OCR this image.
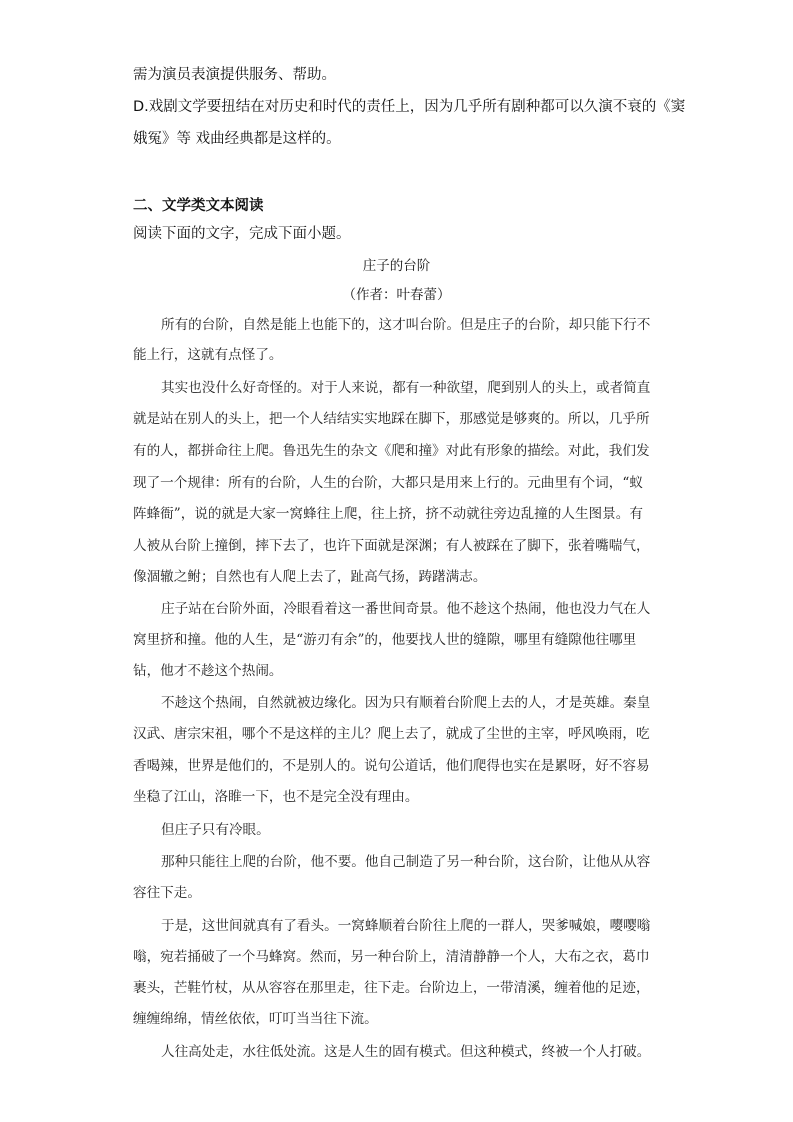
需为演员表演提供服务、帮助。
D.戏剧文学要扭结在对历史和时代的责任上，因为几乎所有剧种都可以久演不衰的《窦
娥冤》等 戏曲经典都是这样的。
二、文学类文本阅读
阅读下面的文字，完成下面小题。
庄子的台阶
（作者：叶春蕾）
所有的台阶，自然是能上也能下的，这才叫台阶。但是庄子的台阶，却只能下行不
能上行，这就有点怪了。
其实也没什么好奇怪的。对于人来说，都有一种欲望，爬到别人的头上，或者简直
就是站在别人的头上，把一个人结结实实地踩在脚下，那感觉是够爽的。所以，几乎所
有的人，都拼命往上爬。鲁迅先生的杂文《爬和撞》对此有形象的描绘。对此，我们发
现了一个规律：所有的台阶，人生的台阶，大都只是用来上行的。元曲里有个词，“蚁
阵蜂衙”，说的就是大家一窝蜂往上爬，往上挤，挤不动就往旁边乱撞的人生图景。有
人被从台阶上撞倒，摔下去了，也许下面就是深渊；有人被踩在了脚下，张着嘴喘气，
像涸辙之鲋；自然也有人爬上去了，趾高气扬，踌躇满志。
庄子站在台阶外面，冷眼看着这一番世间奇景。他不趁这个热闹，他也没力气在人
窝里挤和撞。他的人生，是“游刃有余”的，他要找人世的缝隙，哪里有缝隙他往哪里
钻，他才不趁这个热闹。
不趁这个热闹，自然就被边缘化。因为只有顺着台阶爬上去的人，才是英雄。秦皇
汉武、唐宗宋祖，哪个不是这样的主儿？爬上去了，就成了尘世的主宰，呼风唤雨，吃
香喝辣，世界是他们的，不是别人的。说句公道话，他们爬得也实在是累呀，好不容易
坐稳了江山，洛睢一下，也不是完全没有理由。
但庄子只有冷眼。
那种只能往上爬的台阶，他不要。他自己制造了另一种台阶，这台阶，让他从从容
容往下走。
于是，这世间就真有了看头。一窝蜂顺着台阶往上爬的一群人，哭爹喊娘，嘤嘤嗡
嗡，宛若捅破了一个马蜂窝。然而，另一种台阶上，清清静静一个人，大布之衣，葛巾
裹头，芒鞋竹杖，从从容容在那里走，往下走。台阶边上，一带清溪，缠着他的足迹，
缠缠绵绵，情丝依依，叮叮当当往下流。
人往高处走，水往低处流。这是人生的固有模式。但这种模式，终被一个人打破。
